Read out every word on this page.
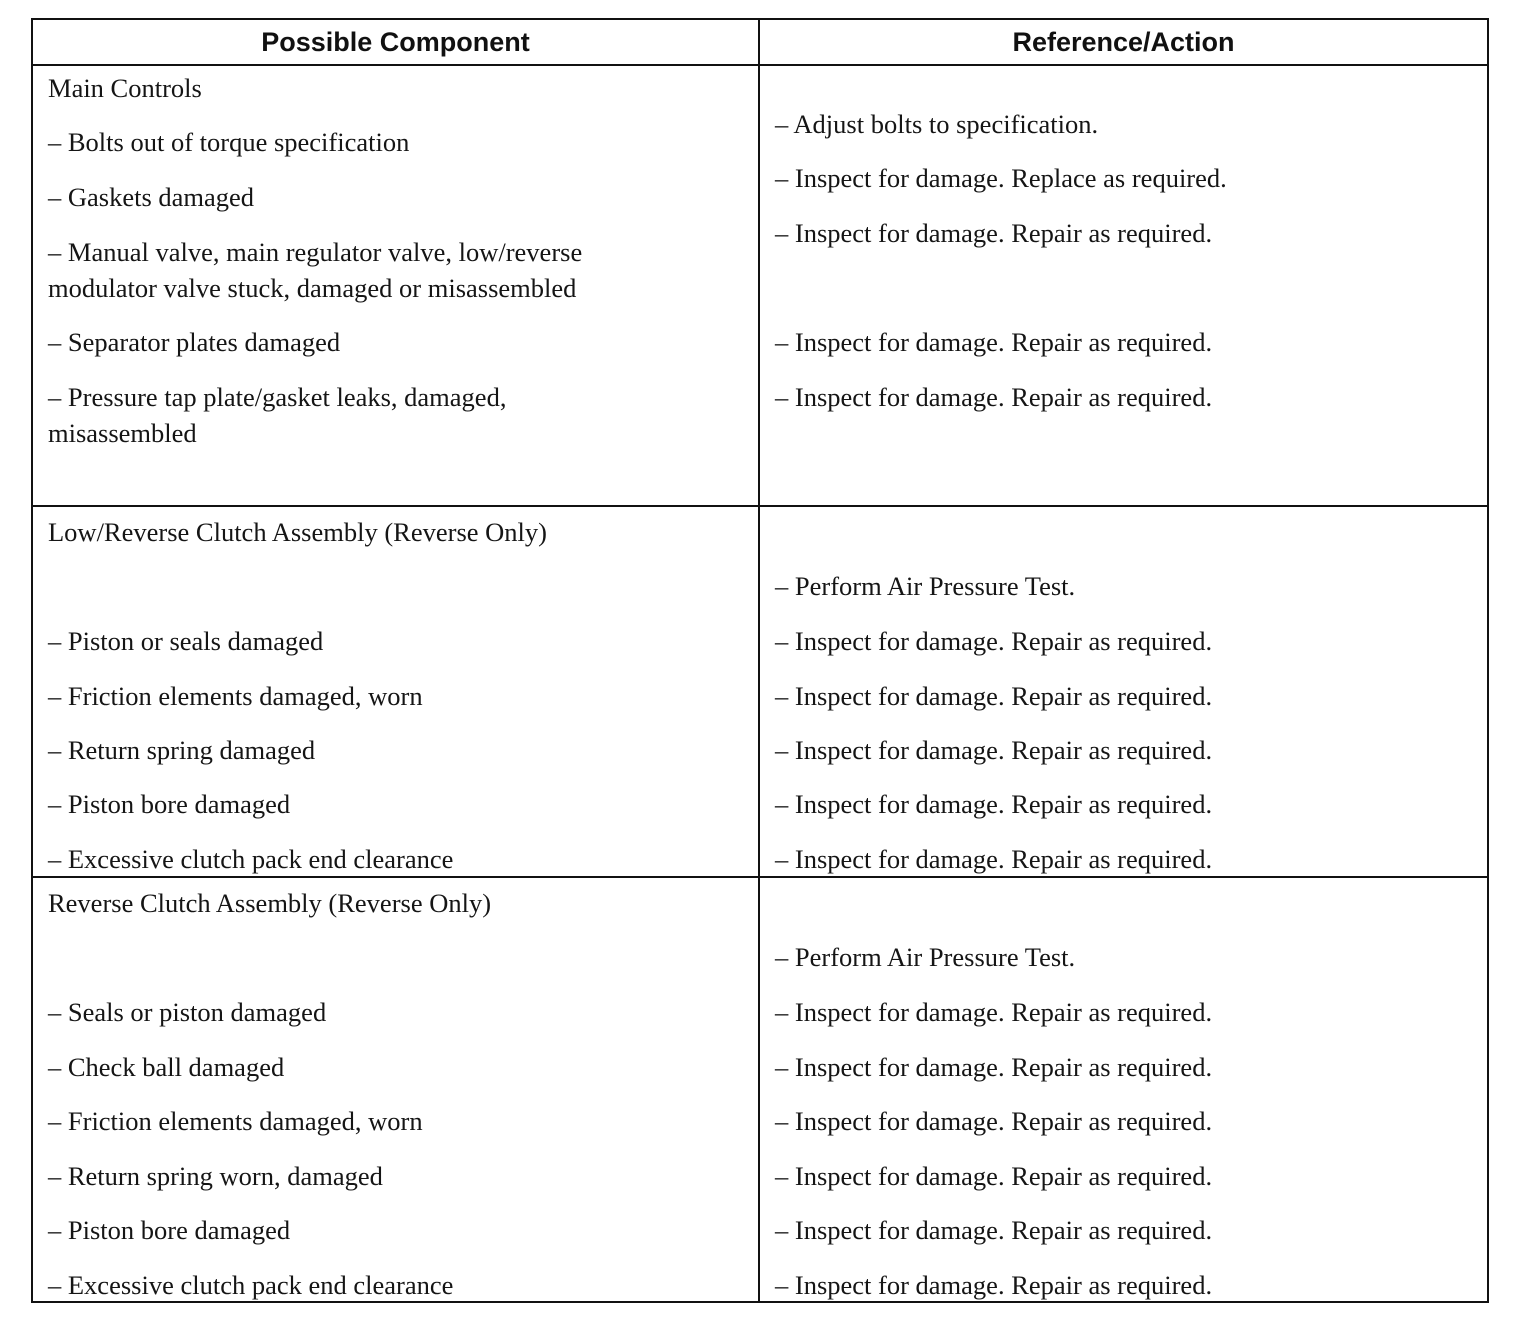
Possible Component	Reference/Action
Main Controls
– Bolts out of torque specification
– Gaskets damaged
– Manual valve, main regulator valve, low/reverse
modulator valve stuck, damaged or misassembled
– Separator plates damaged
– Pressure tap plate/gasket leaks, damaged,
misassembled
– Adjust bolts to specification.
– Inspect for damage. Replace as required.
– Inspect for damage. Repair as required.
– Inspect for damage. Repair as required.
– Inspect for damage. Repair as required.
Low/Reverse Clutch Assembly (Reverse Only)
– Piston or seals damaged
– Friction elements damaged, worn
– Return spring damaged
– Piston bore damaged
– Excessive clutch pack end clearance
– Perform Air Pressure Test.
– Inspect for damage. Repair as required.
– Inspect for damage. Repair as required.
– Inspect for damage. Repair as required.
– Inspect for damage. Repair as required.
– Inspect for damage. Repair as required.
Reverse Clutch Assembly (Reverse Only)
– Seals or piston damaged
– Check ball damaged
– Friction elements damaged, worn
– Return spring worn, damaged
– Piston bore damaged
– Excessive clutch pack end clearance
– Perform Air Pressure Test.
– Inspect for damage. Repair as required.
– Inspect for damage. Repair as required.
– Inspect for damage. Repair as required.
– Inspect for damage. Repair as required.
– Inspect for damage. Repair as required.
– Inspect for damage. Repair as required.
